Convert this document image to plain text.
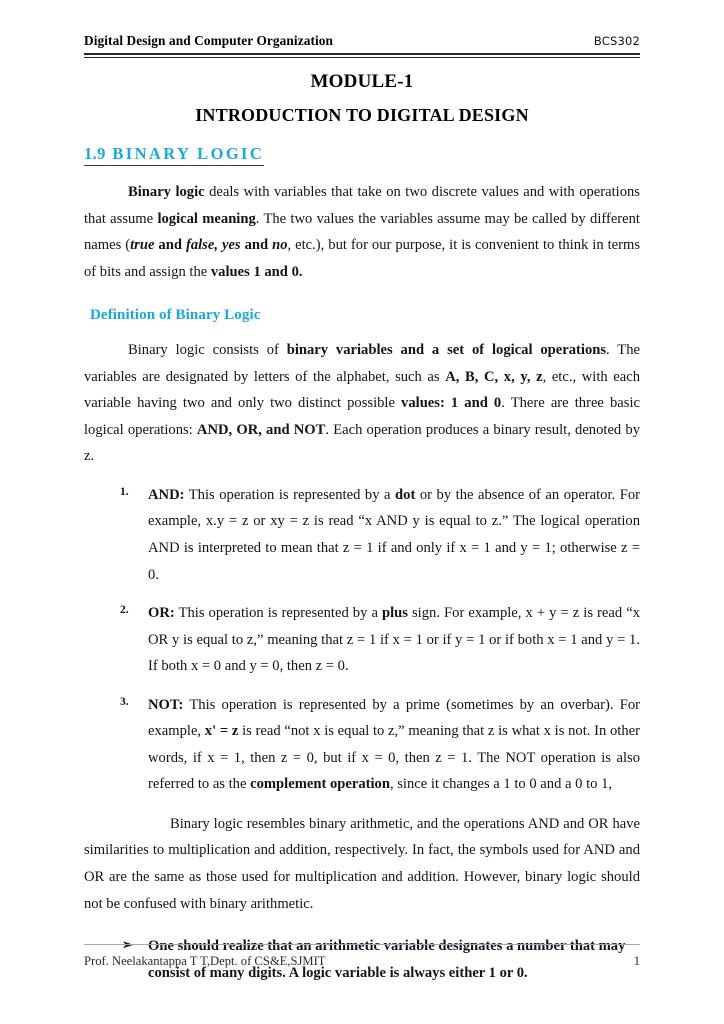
Digital Design and Computer Organization	BCS302
MODULE-1
INTRODUCTION TO DIGITAL DESIGN
1.9 BINARY LOGIC

Binary logic deals with variables that take on two discrete values and with operations that assume logical meaning. The two values the variables assume may be called by different names (true and false, yes and no, etc.), but for our purpose, it is convenient to think in terms of bits and assign the values 1 and 0.

Definition of Binary Logic

Binary logic consists of binary variables and a set of logical operations. The variables are designated by letters of the alphabet, such as A, B, C, x, y, z, etc., with each variable having two and only two distinct possible values: 1 and 0. There are three basic logical operations: AND, OR, and NOT. Each operation produces a binary result, denoted by z.

1. AND: This operation is represented by a dot or by the absence of an operator. For example, x.y = z or xy = z is read “x AND y is equal to z.” The logical operation AND is interpreted to mean that z = 1 if and only if x = 1 and y = 1; otherwise z = 0.
2. OR: This operation is represented by a plus sign. For example, x + y = z is read “x OR y is equal to z,” meaning that z = 1 if x = 1 or if y = 1 or if both x = 1 and y = 1. If both x = 0 and y = 0, then z = 0.
3. NOT: This operation is represented by a prime (sometimes by an overbar). For example, x' = z is read “not x is equal to z,” meaning that z is what x is not. In other words, if x = 1, then z = 0, but if x = 0, then z = 1. The NOT operation is also referred to as the complement operation, since it changes a 1 to 0 and a 0 to 1,

Binary logic resembles binary arithmetic, and the operations AND and OR have similarities to multiplication and addition, respectively. In fact, the symbols used for AND and OR are the same as those used for multiplication and addition. However, binary logic should not be confused with binary arithmetic.

➢ One should realize that an arithmetic variable designates a number that may consist of many digits. A logic variable is always either 1 or 0.
Prof. Neelakantappa T T,Dept. of CS&E,SJMIT	1
